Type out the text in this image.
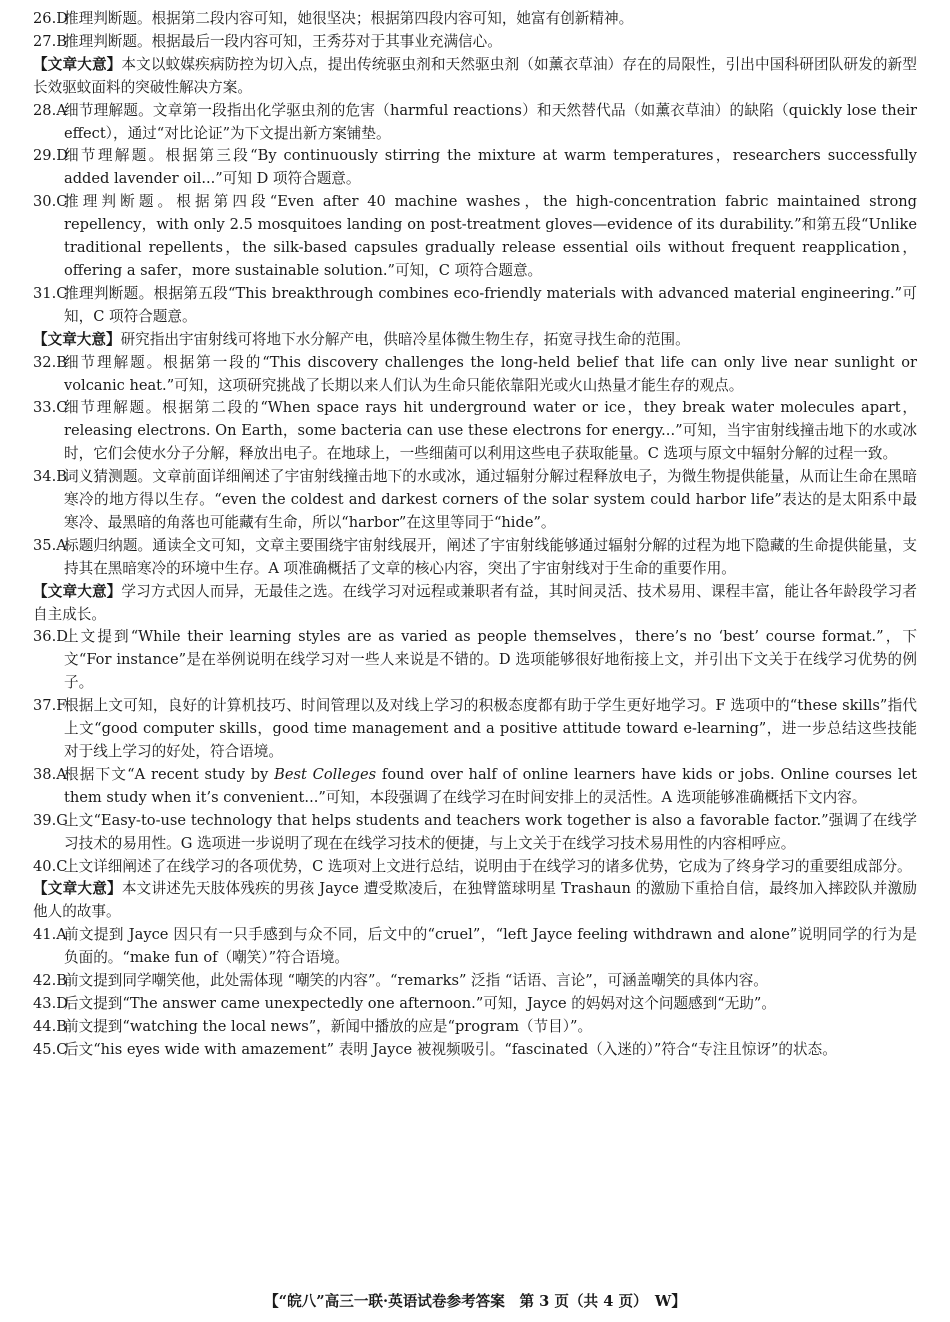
26.D
推理判断题。根据第二段内容可知，她很坚决；根据第四段内容可知，她富有创新精神。
27.B
推理判断题。根据最后一段内容可知，王秀芬对于其事业充满信心。
【文章大意】本文以蚊媒疾病防控为切入点，提出传统驱虫剂和天然驱虫剂（如薰衣草油）存在的局限性，引出中国科研团队研发的新型长效驱蚊面料的突破性解决方案。
28.A
细节理解题。文章第一段指出化学驱虫剂的危害（harmful reactions）和天然替代品（如薰衣草油）的缺陷（quickly lose their effect），通过“对比论证”为下文提出新方案铺垫。
29.D
细节理解题。根据第三段“By continuously stirring the mixture at warm temperatures，researchers successfully added lavender oil...”可知 D 项符合题意。
30.C
推理判断题。根据第四段“Even after 40 machine washes，the high-concentration fabric maintained strong repellency，with only 2.5 mosquitoes landing on post-treatment gloves—evidence of its durability.”和第五段“Unlike traditional repellents，the silk-based capsules gradually release essential oils without frequent reapplication，offering a safer，more sustainable solution.”可知，C 项符合题意。
31.C
推理判断题。根据第五段“This breakthrough combines eco-friendly materials with advanced material engineering.”可知，C 项符合题意。
【文章大意】研究指出宇宙射线可将地下水分解产电，供暗冷星体微生物生存，拓宽寻找生命的范围。
32.B
细节理解题。根据第一段的“This discovery challenges the long-held belief that life can only live near sunlight or volcanic heat.”可知，这项研究挑战了长期以来人们认为生命只能依靠阳光或火山热量才能生存的观点。
33.C
细节理解题。根据第二段的“When space rays hit underground water or ice，they break water molecules apart，releasing electrons. On Earth，some bacteria can use these electrons for energy...”可知，当宇宙射线撞击地下的水或冰时，它们会使水分子分解，释放出电子。在地球上，一些细菌可以利用这些电子获取能量。C 选项与原文中辐射分解的过程一致。
34.B
词义猜测题。文章前面详细阐述了宇宙射线撞击地下的水或冰，通过辐射分解过程释放电子，为微生物提供能量，从而让生命在黑暗寒冷的地方得以生存。“even the coldest and darkest corners of the solar system could harbor life”表达的是太阳系中最寒冷、最黑暗的角落也可能藏有生命，所以“harbor”在这里等同于“hide”。
35.A
标题归纳题。通读全文可知，文章主要围绕宇宙射线展开，阐述了宇宙射线能够通过辐射分解的过程为地下隐藏的生命提供能量，支持其在黑暗寒冷的环境中生存。A 项准确概括了文章的核心内容，突出了宇宙射线对于生命的重要作用。
【文章大意】学习方式因人而异，无最佳之选。在线学习对远程或兼职者有益，其时间灵活、技术易用、课程丰富，能让各年龄段学习者自主成长。
36.D
上文提到“While their learning styles are as varied as people themselves，there’s no ‘best’ course format.”，下文“For instance”是在举例说明在线学习对一些人来说是不错的。D 选项能够很好地衔接上文，并引出下文关于在线学习优势的例子。
37.F
根据上文可知，良好的计算机技巧、时间管理以及对线上学习的积极态度都有助于学生更好地学习。F 选项中的“these skills”指代上文“good computer skills，good time management and a positive attitude toward e-learning”，进一步总结这些技能对于线上学习的好处，符合语境。
38.A
根据下文“A recent study by Best Colleges found over half of online learners have kids or jobs. Online courses let them study when it’s convenient...”可知，本段强调了在线学习在时间安排上的灵活性。A 选项能够准确概括下文内容。
39.G
上文“Easy-to-use technology that helps students and teachers work together is also a favorable factor.”强调了在线学习技术的易用性。G 选项进一步说明了现在在线学习技术的便捷，与上文关于在线学习技术易用性的内容相呼应。
40.C
上文详细阐述了在线学习的各项优势，C 选项对上文进行总结，说明由于在线学习的诸多优势，它成为了终身学习的重要组成部分。
【文章大意】本文讲述先天肢体残疾的男孩 Jayce 遭受欺凌后，在独臂篮球明星 Trashaun 的激励下重拾自信，最终加入摔跤队并激励他人的故事。
41.A
前文提到 Jayce 因只有一只手感到与众不同，后文中的“cruel”，“left Jayce feeling withdrawn and alone”说明同学的行为是负面的。“make fun of（嘲笑）”符合语境。
42.B
前文提到同学嘲笑他，此处需体现 “嘲笑的内容”。“remarks” 泛指 “话语、言论”，可涵盖嘲笑的具体内容。
43.D
后文提到“The answer came unexpectedly one afternoon.”可知，Jayce 的妈妈对这个问题感到“无助”。
44.B
前文提到“watching the local news”，新闻中播放的应是“program（节目）”。
45.C
后文“his eyes wide with amazement” 表明 Jayce 被视频吸引。“fascinated（入迷的）”符合“专注且惊讶”的状态。
【“皖八”高三一联·英语试卷参考答案　第 3 页（共 4 页）　W】
